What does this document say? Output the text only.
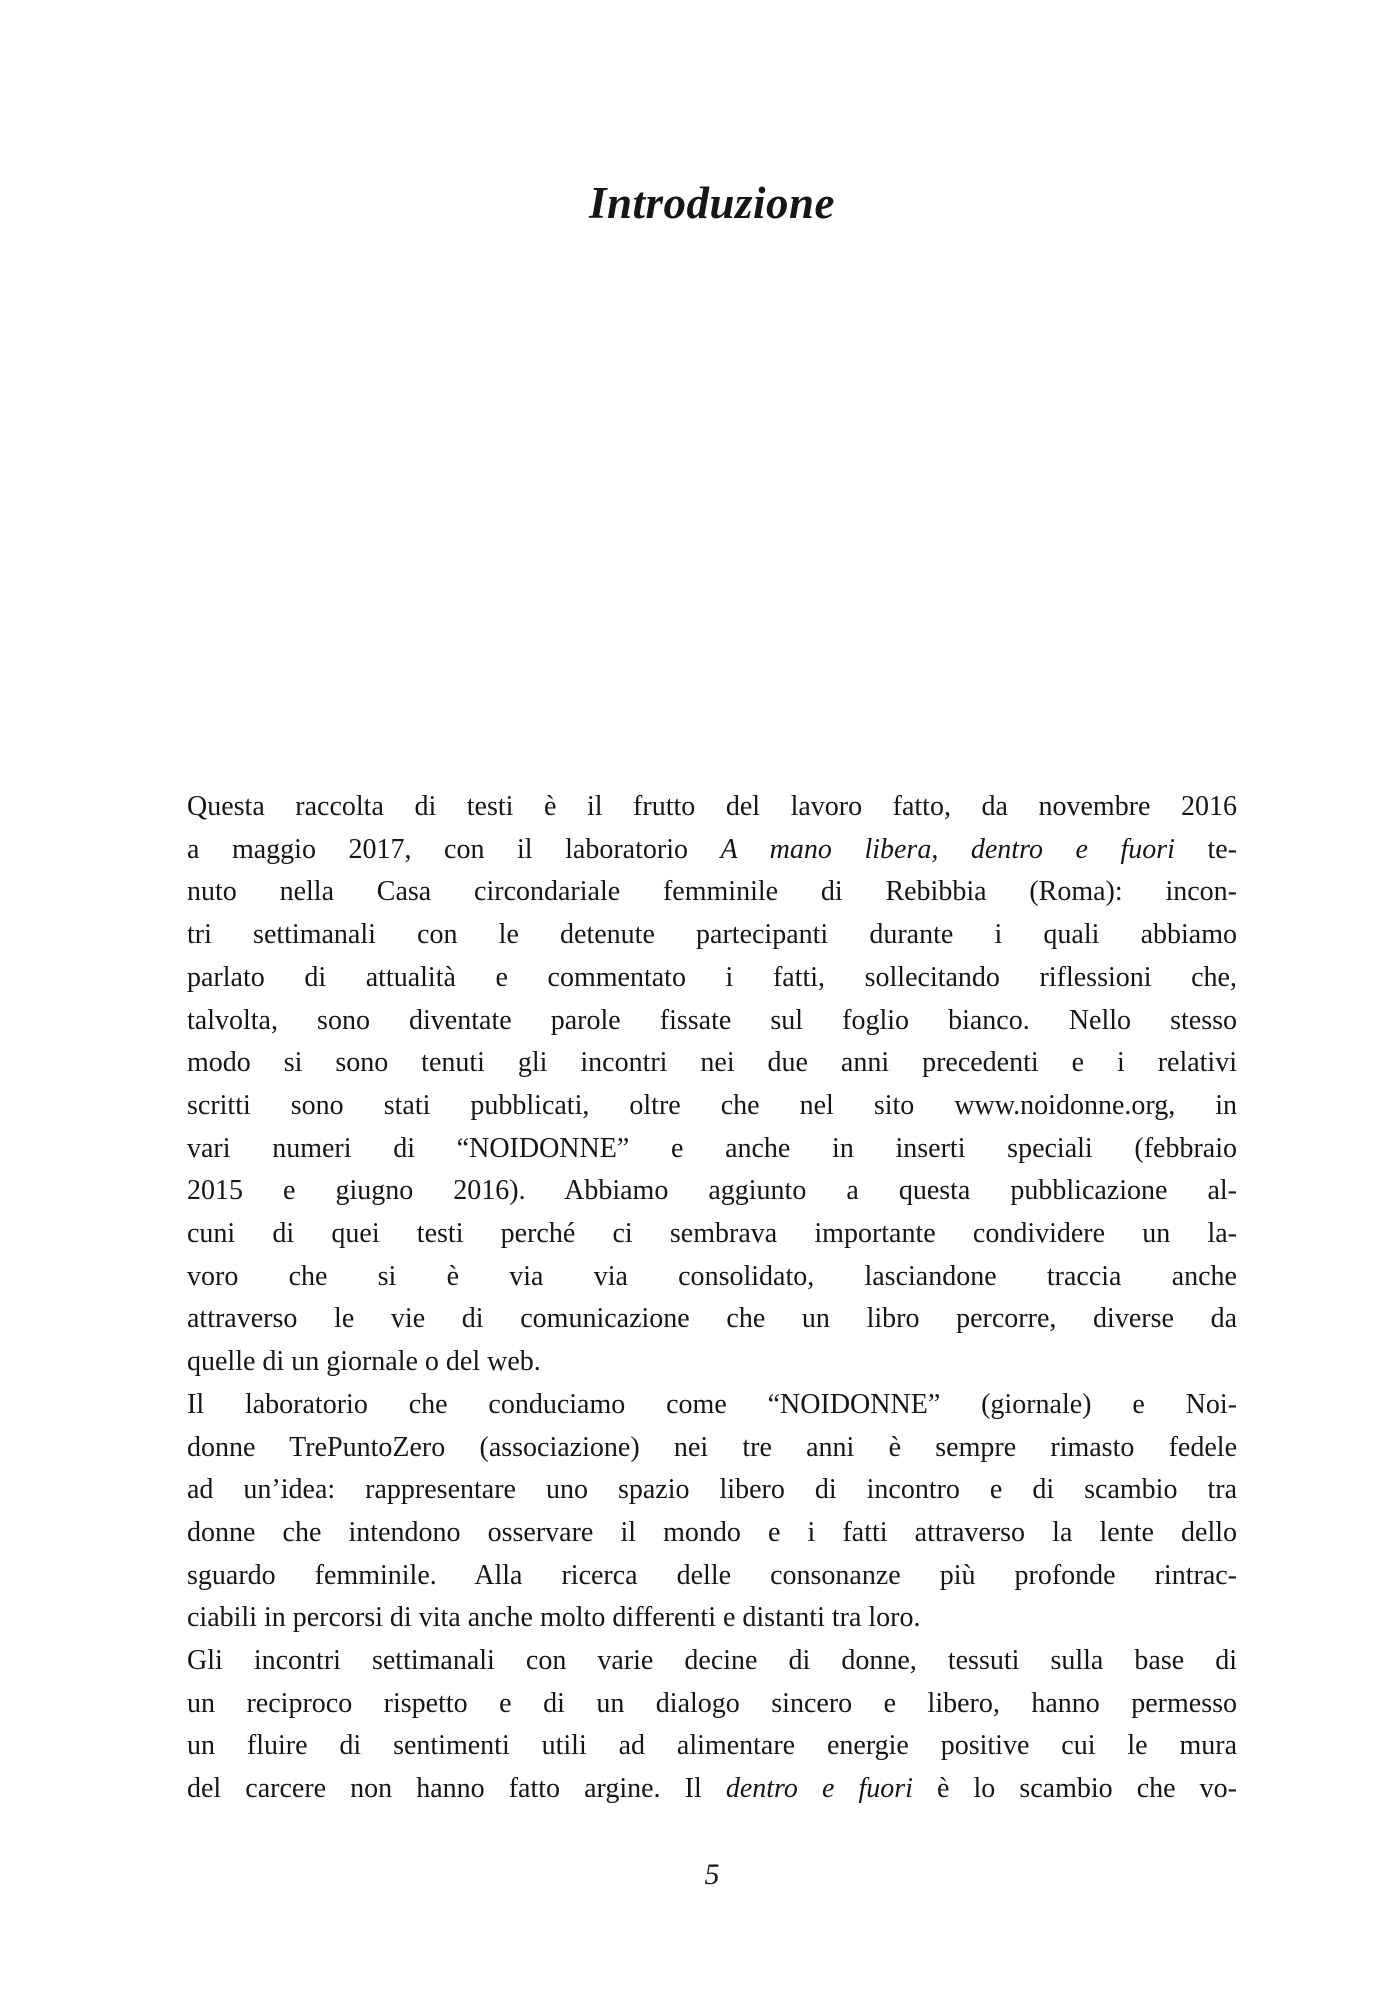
Introduzione
Questa raccolta di testi è il frutto del lavoro fatto, da novembre 2016
a maggio 2017, con il laboratorio A mano libera, dentro e fuori te-
nuto nella Casa circondariale femminile di Rebibbia (Roma): incon-
tri settimanali con le detenute partecipanti durante i quali abbiamo
parlato di attualità e commentato i fatti, sollecitando riflessioni che,
talvolta, sono diventate parole fissate sul foglio bianco. Nello stesso
modo si sono tenuti gli incontri nei due anni precedenti e i relativi
scritti sono stati pubblicati, oltre che nel sito www.noidonne.org, in
vari numeri di “NOIDONNE” e anche in inserti speciali (febbraio
2015 e giugno 2016). Abbiamo aggiunto a questa pubblicazione al-
cuni di quei testi perché ci sembrava importante condividere un la-
voro che si è via via consolidato, lasciandone traccia anche
attraverso le vie di comunicazione che un libro percorre, diverse da
quelle di un giornale o del web.
Il laboratorio che conduciamo come “NOIDONNE” (giornale) e Noi-
donne TrePuntoZero (associazione) nei tre anni è sempre rimasto fedele
ad un’idea: rappresentare uno spazio libero di incontro e di scambio tra
donne che intendono osservare il mondo e i fatti attraverso la lente dello
sguardo femminile. Alla ricerca delle consonanze più profonde rintrac-
ciabili in percorsi di vita anche molto differenti e distanti tra loro.
Gli incontri settimanali con varie decine di donne, tessuti sulla base di
un reciproco rispetto e di un dialogo sincero e libero, hanno permesso
un fluire di sentimenti utili ad alimentare energie positive cui le mura
del carcere non hanno fatto argine. Il dentro e fuori è lo scambio che vo-
5
